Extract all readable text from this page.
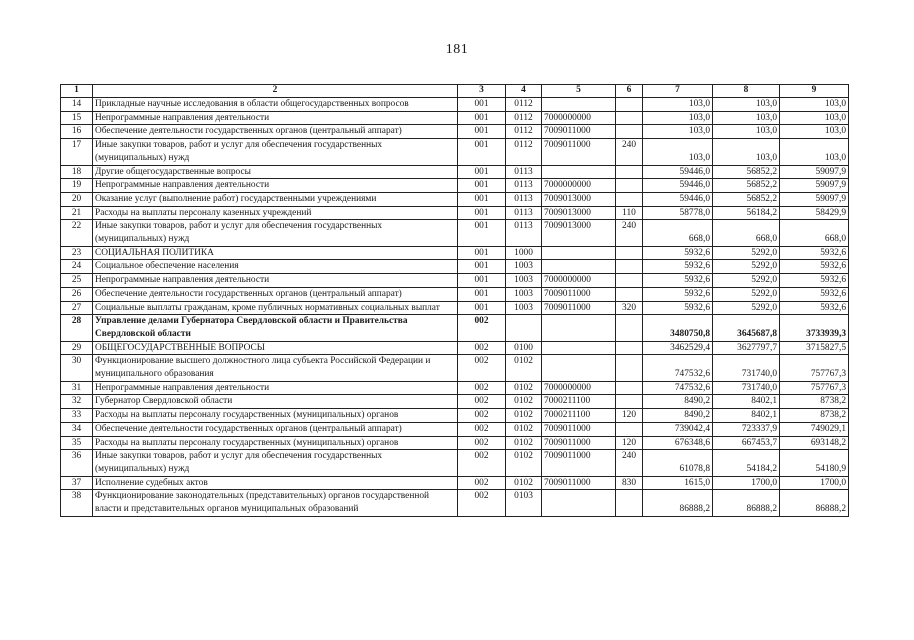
181
1	2	3	4	5	6	7	8	9
14	Прикладные научные исследования в области общегосударственных вопросов	001	0112			103,0	103,0	103,0
15	Непрограммные направления деятельности	001	0112	7000000000		103,0	103,0	103,0
16	Обеспечение деятельности государственных органов (центральный аппарат)	001	0112	7009011000		103,0	103,0	103,0
17	Иные закупки товаров, работ и услуг для обеспечения государственных (муниципальных) нужд	001	0112	7009011000	240	103,0	103,0	103,0
18	Другие общегосударственные вопросы	001	0113			59446,0	56852,2	59097,9
19	Непрограммные направления деятельности	001	0113	7000000000		59446,0	56852,2	59097,9
20	Оказание услуг (выполнение работ) государственными учреждениями	001	0113	7009013000		59446,0	56852,2	59097,9
21	Расходы на выплаты персоналу казенных учреждений	001	0113	7009013000	110	58778,0	56184,2	58429,9
22	Иные закупки товаров, работ и услуг для обеспечения государственных (муниципальных) нужд	001	0113	7009013000	240	668,0	668,0	668,0
23	СОЦИАЛЬНАЯ ПОЛИТИКА	001	1000			5932,6	5292,0	5932,6
24	Социальное обеспечение населения	001	1003			5932,6	5292,0	5932,6
25	Непрограммные направления деятельности	001	1003	7000000000		5932,6	5292,0	5932,6
26	Обеспечение деятельности государственных органов (центральный аппарат)	001	1003	7009011000		5932,6	5292,0	5932,6
27	Социальные выплаты гражданам, кроме публичных нормативных социальных выплат	001	1003	7009011000	320	5932,6	5292,0	5932,6
28	Управление делами Губернатора Свердловской области и Правительства Свердловской области	002				3480750,8	3645687,8	3733939,3
29	ОБЩЕГОСУДАРСТВЕННЫЕ ВОПРОСЫ	002	0100			3462529,4	3627797,7	3715827,5
30	Функционирование высшего должностного лица субъекта Российской Федерации и муниципального образования	002	0102			747532,6	731740,0	757767,3
31	Непрограммные направления деятельности	002	0102	7000000000		747532,6	731740,0	757767,3
32	Губернатор Свердловской области	002	0102	7000211100		8490,2	8402,1	8738,2
33	Расходы на выплаты персоналу государственных (муниципальных) органов	002	0102	7000211100	120	8490,2	8402,1	8738,2
34	Обеспечение деятельности государственных органов (центральный аппарат)	002	0102	7009011000		739042,4	723337,9	749029,1
35	Расходы на выплаты персоналу государственных (муниципальных) органов	002	0102	7009011000	120	676348,6	667453,7	693148,2
36	Иные закупки товаров, работ и услуг для обеспечения государственных (муниципальных) нужд	002	0102	7009011000	240	61078,8	54184,2	54180,9
37	Исполнение судебных актов	002	0102	7009011000	830	1615,0	1700,0	1700,0
38	Функционирование законодательных (представительных) органов государственной власти и представительных органов муниципальных образований	002	0103			86888,2	86888,2	86888,2
